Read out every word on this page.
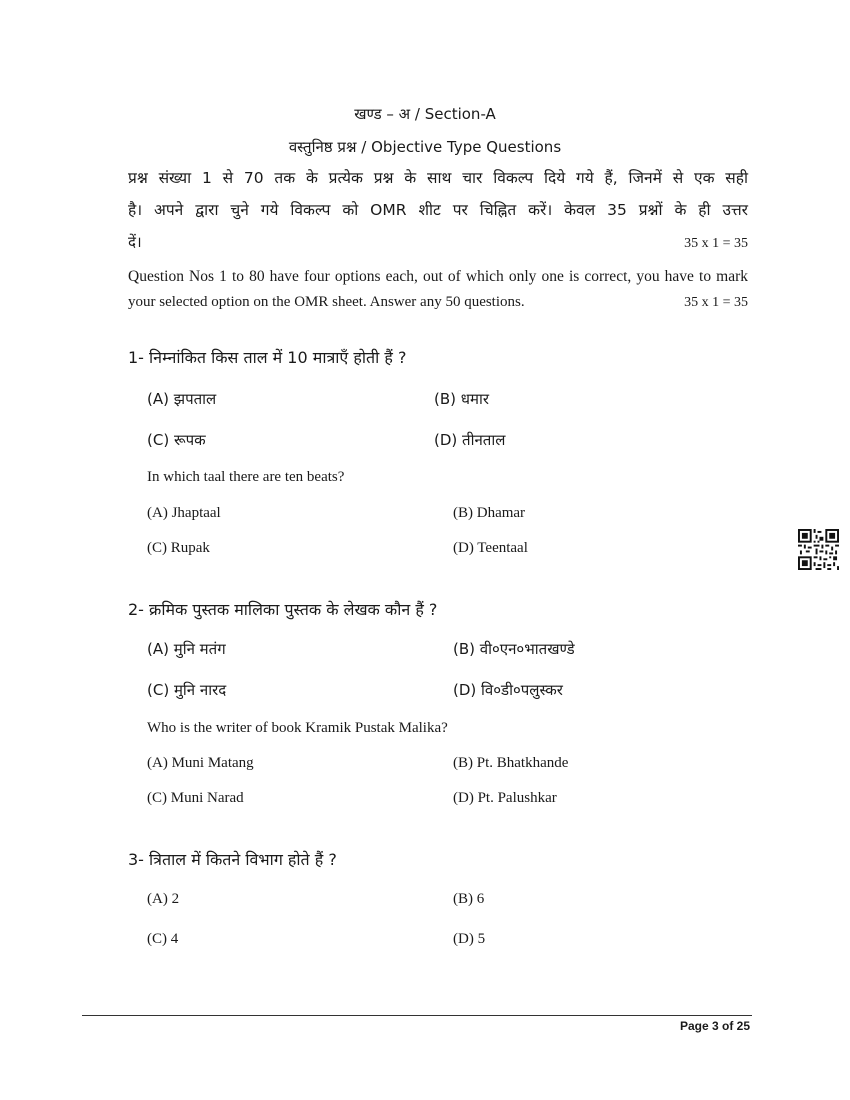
खण्ड – अ / Section-A
वस्तुनिष्ठ प्रश्न / Objective Type Questions
प्रश्न संख्या 1 से 70 तक के प्रत्येक प्रश्न के साथ चार विकल्प दिये गये हैं, जिनमें से एक सही
है। अपने द्वारा चुने गये विकल्प को OMR शीट पर चिह्नित करें। केवल 35 प्रश्नों के ही उत्तर
दें।	35 x 1 = 35
Question Nos 1 to 80 have four options each, out of which only one is correct, you have to mark
your selected option on the OMR sheet. Answer any 50 questions.	35 x 1 = 35
1- निम्नांकित किस ताल में 10 मात्राएँ होती हैं ?
(A) झपताल	(B) धमार
(C) रूपक	(D) तीनताल
In which taal there are ten beats?
(A) Jhaptaal	(B) Dhamar
(C) Rupak	(D) Teentaal
2- क्रमिक पुस्तक मालिका पुस्तक के लेखक कौन हैं ?
(A) मुनि मतंग	(B) वी०एन०भातखण्डे
(C) मुनि नारद	(D) वि०डी०पलुस्कर
Who is the writer of book Kramik Pustak Malika?
(A) Muni Matang	(B) Pt. Bhatkhande
(C) Muni Narad	(D) Pt. Palushkar
3- त्रिताल में कितने विभाग होते हैं ?
(A) 2	(B) 6
(C) 4	(D) 5
Page 3 of 25
